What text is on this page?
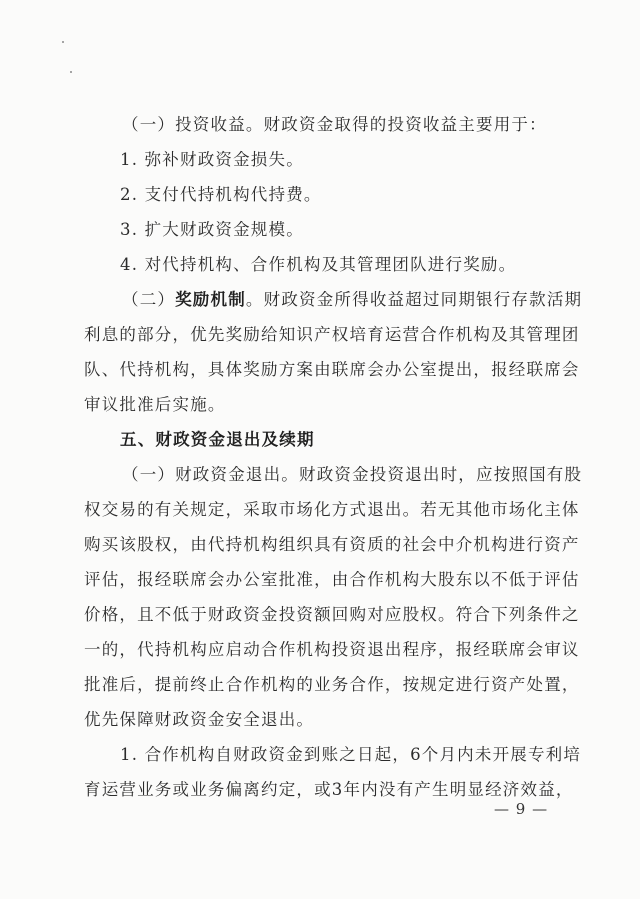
（一）投资收益。财政资金取得的投资收益主要用于：
1. 弥补财政资金损失。
2. 支付代持机构代持费。
3. 扩大财政资金规模。
4. 对代持机构、合作机构及其管理团队进行奖励。
（二）奖励机制。财政资金所得收益超过同期银行存款活期
利息的部分，优先奖励给知识产权培育运营合作机构及其管理团
队、代持机构，具体奖励方案由联席会办公室提出，报经联席会
审议批准后实施。
五、财政资金退出及续期
（一）财政资金退出。财政资金投资退出时，应按照国有股
权交易的有关规定，采取市场化方式退出。若无其他市场化主体
购买该股权，由代持机构组织具有资质的社会中介机构进行资产
评估，报经联席会办公室批准，由合作机构大股东以不低于评估
价格，且不低于财政资金投资额回购对应股权。符合下列条件之
一的，代持机构应启动合作机构投资退出程序，报经联席会审议
批准后，提前终止合作机构的业务合作，按规定进行资产处置，
优先保障财政资金安全退出。
1. 合作机构自财政资金到账之日起，6个月内未开展专利培
育运营业务或业务偏离约定，或3年内没有产生明显经济效益，
— 9 —
